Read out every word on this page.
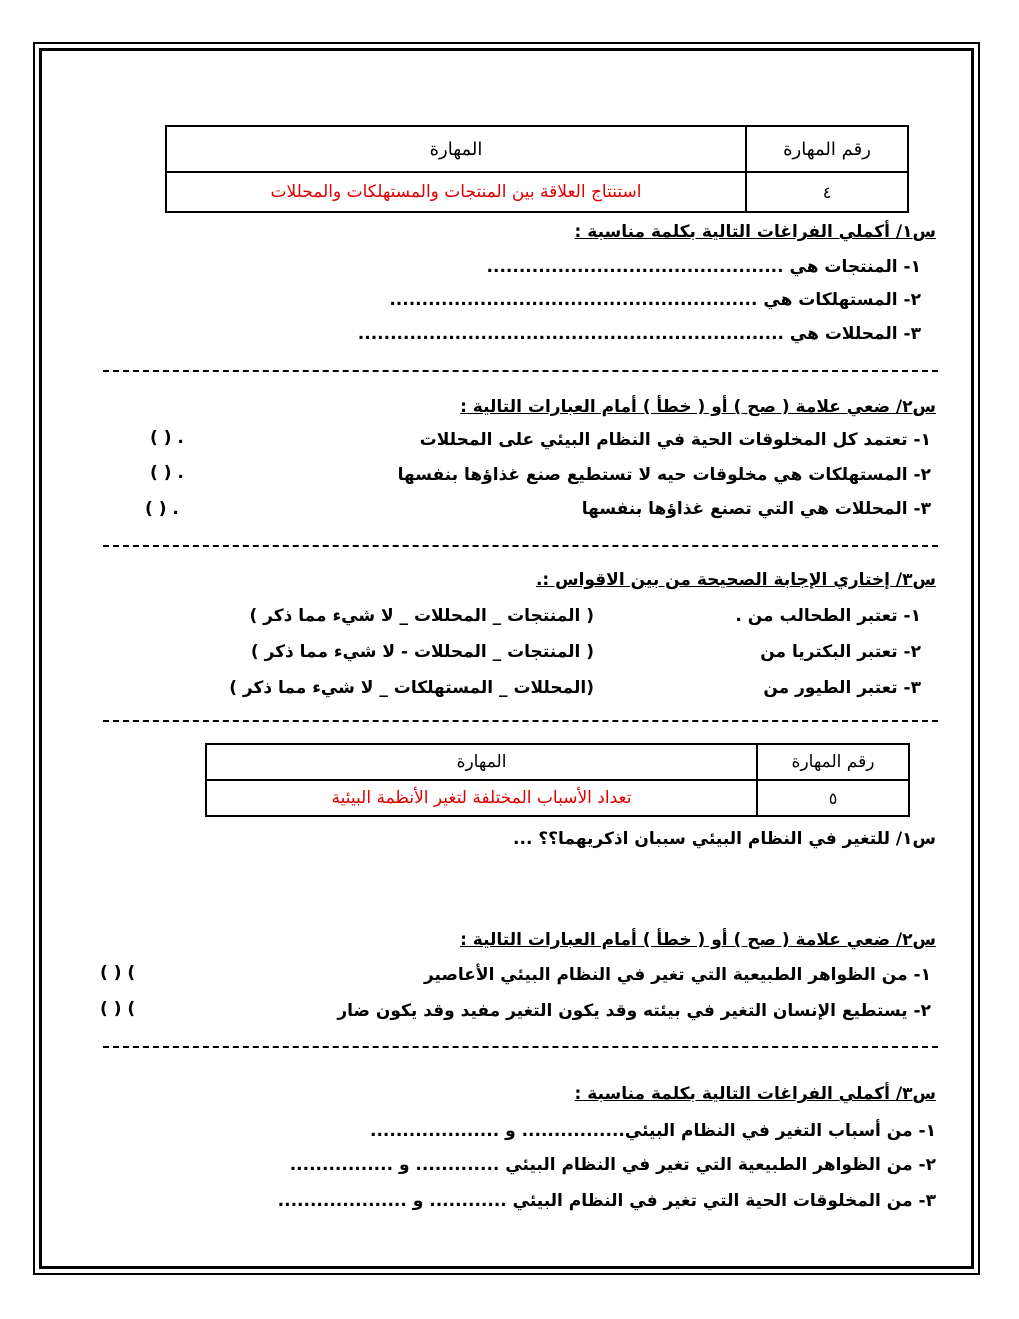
رقم المهارة	المهارة
٤	استنتاج العلاقة بين المنتجات والمستهلكات والمحللات
س١/ أكملي الفراغات التالية بكلمة مناسبة :
١- المنتجات هي ..............................................
٢- المستهلكات هي .........................................................
٣- المحللات هي ..................................................................
س٢/ ضعي علامة ( صح ) أو ( خطأ ) أمام العبارات التالية :
١- تعتمد كل المخلوقات الحية في النظام البيئي على المحللات
( ) .
٢- المستهلكات هي مخلوقات حيه لا تستطيع صنع غذاؤها بنفسها
( ) .
٣- المحللات هي التي تصنع غذاؤها بنفسها
( ) .
س٣/ إختاري الإجابة الصحيحة من بين الاقواس :.
١- تعتبر الطحالب من .
( المنتجات _ المحللات _ لا شيء مما ذكر )
٢- تعتبر البكتريا من
( المنتجات _ المحللات - لا شيء مما ذكر )
٣- تعتبر الطيور من
(المحللات _ المستهلكات _ لا شيء مما ذكر )
رقم المهارة	المهارة
٥	تعداد الأسباب المختلفة لتغير الأنظمة البيئية
س١/ للتغير في النظام البيئي سببان اذكريهما؟؟ ...
س٢/ ضعي علامة ( صح ) أو ( خطأ ) أمام العبارات التالية :
١- من الظواهر الطبيعية التي تغير في النظام البيئي الأعاصير
( ) (
٢- يستطيع الإنسان التغير في بيئته وقد يكون التغير مفيد وقد يكون ضار
( ) (
س٣/ أكملي الفراغات التالية بكلمة مناسبة :
١- من أسباب التغير في النظام البيئي................ و ....................
٢- من الظواهر الطبيعية التي تغير في النظام البيئي ............. و ................
٣- من المخلوقات الحية التي تغير في النظام البيئي ............ و ....................
